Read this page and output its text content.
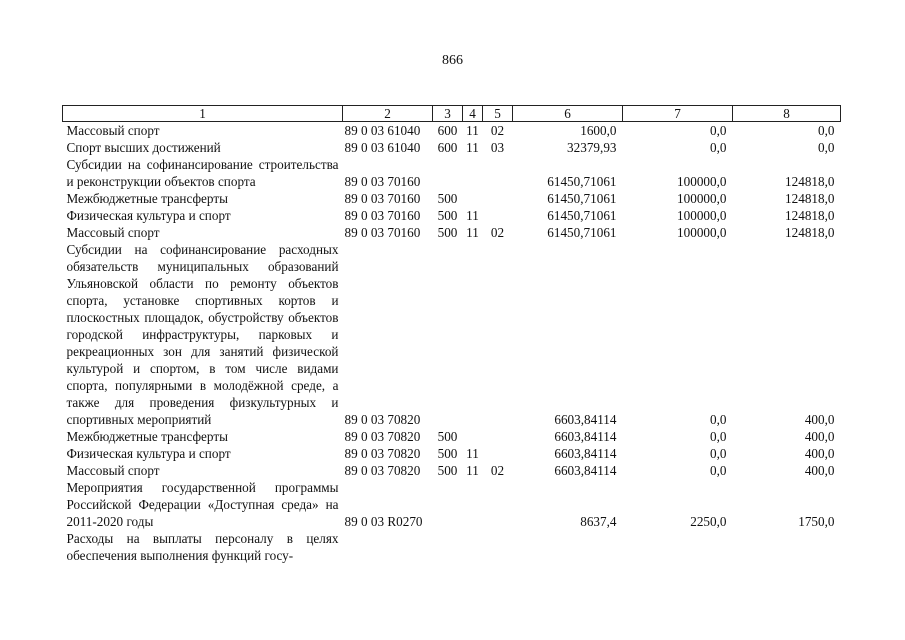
866
1	2	3	4	5	6	7	8
Массовый спорт	89 0 03 61040	600	11	02	1600,0	0,0	0,0
Спорт высших достижений	89 0 03 61040	600	11	03	32379,93	0,0	0,0
Субсидии на софинансирование строительства и реконструкции объектов спорта	89 0 03 70160				61450,71061	100000,0	124818,0
Межбюджетные трансферты	89 0 03 70160	500			61450,71061	100000,0	124818,0
Физическая культура и спорт	89 0 03 70160	500	11		61450,71061	100000,0	124818,0
Массовый спорт	89 0 03 70160	500	11	02	61450,71061	100000,0	124818,0
Субсидии на софинансирование расходных обязательств муниципальных образований Ульяновской области по ремонту объектов спорта, установке спортивных кортов и плоскостных площадок, обустройству объектов городской инфраструктуры, парковых и рекреационных зон для занятий физической культурой и спортом, в том числе видами спорта, популярными в молодёжной среде, а также для проведения физкультурных и спортивных мероприятий	89 0 03 70820				6603,84114	0,0	400,0
Межбюджетные трансферты	89 0 03 70820	500			6603,84114	0,0	400,0
Физическая культура и спорт	89 0 03 70820	500	11		6603,84114	0,0	400,0
Массовый спорт	89 0 03 70820	500	11	02	6603,84114	0,0	400,0
Мероприятия государственной программы Российской Федерации «Доступная среда» на 2011-2020 годы	89 0 03 R0270				8637,4	2250,0	1750,0
Расходы на выплаты персоналу в целях обеспечения выполнения функций госу-							
